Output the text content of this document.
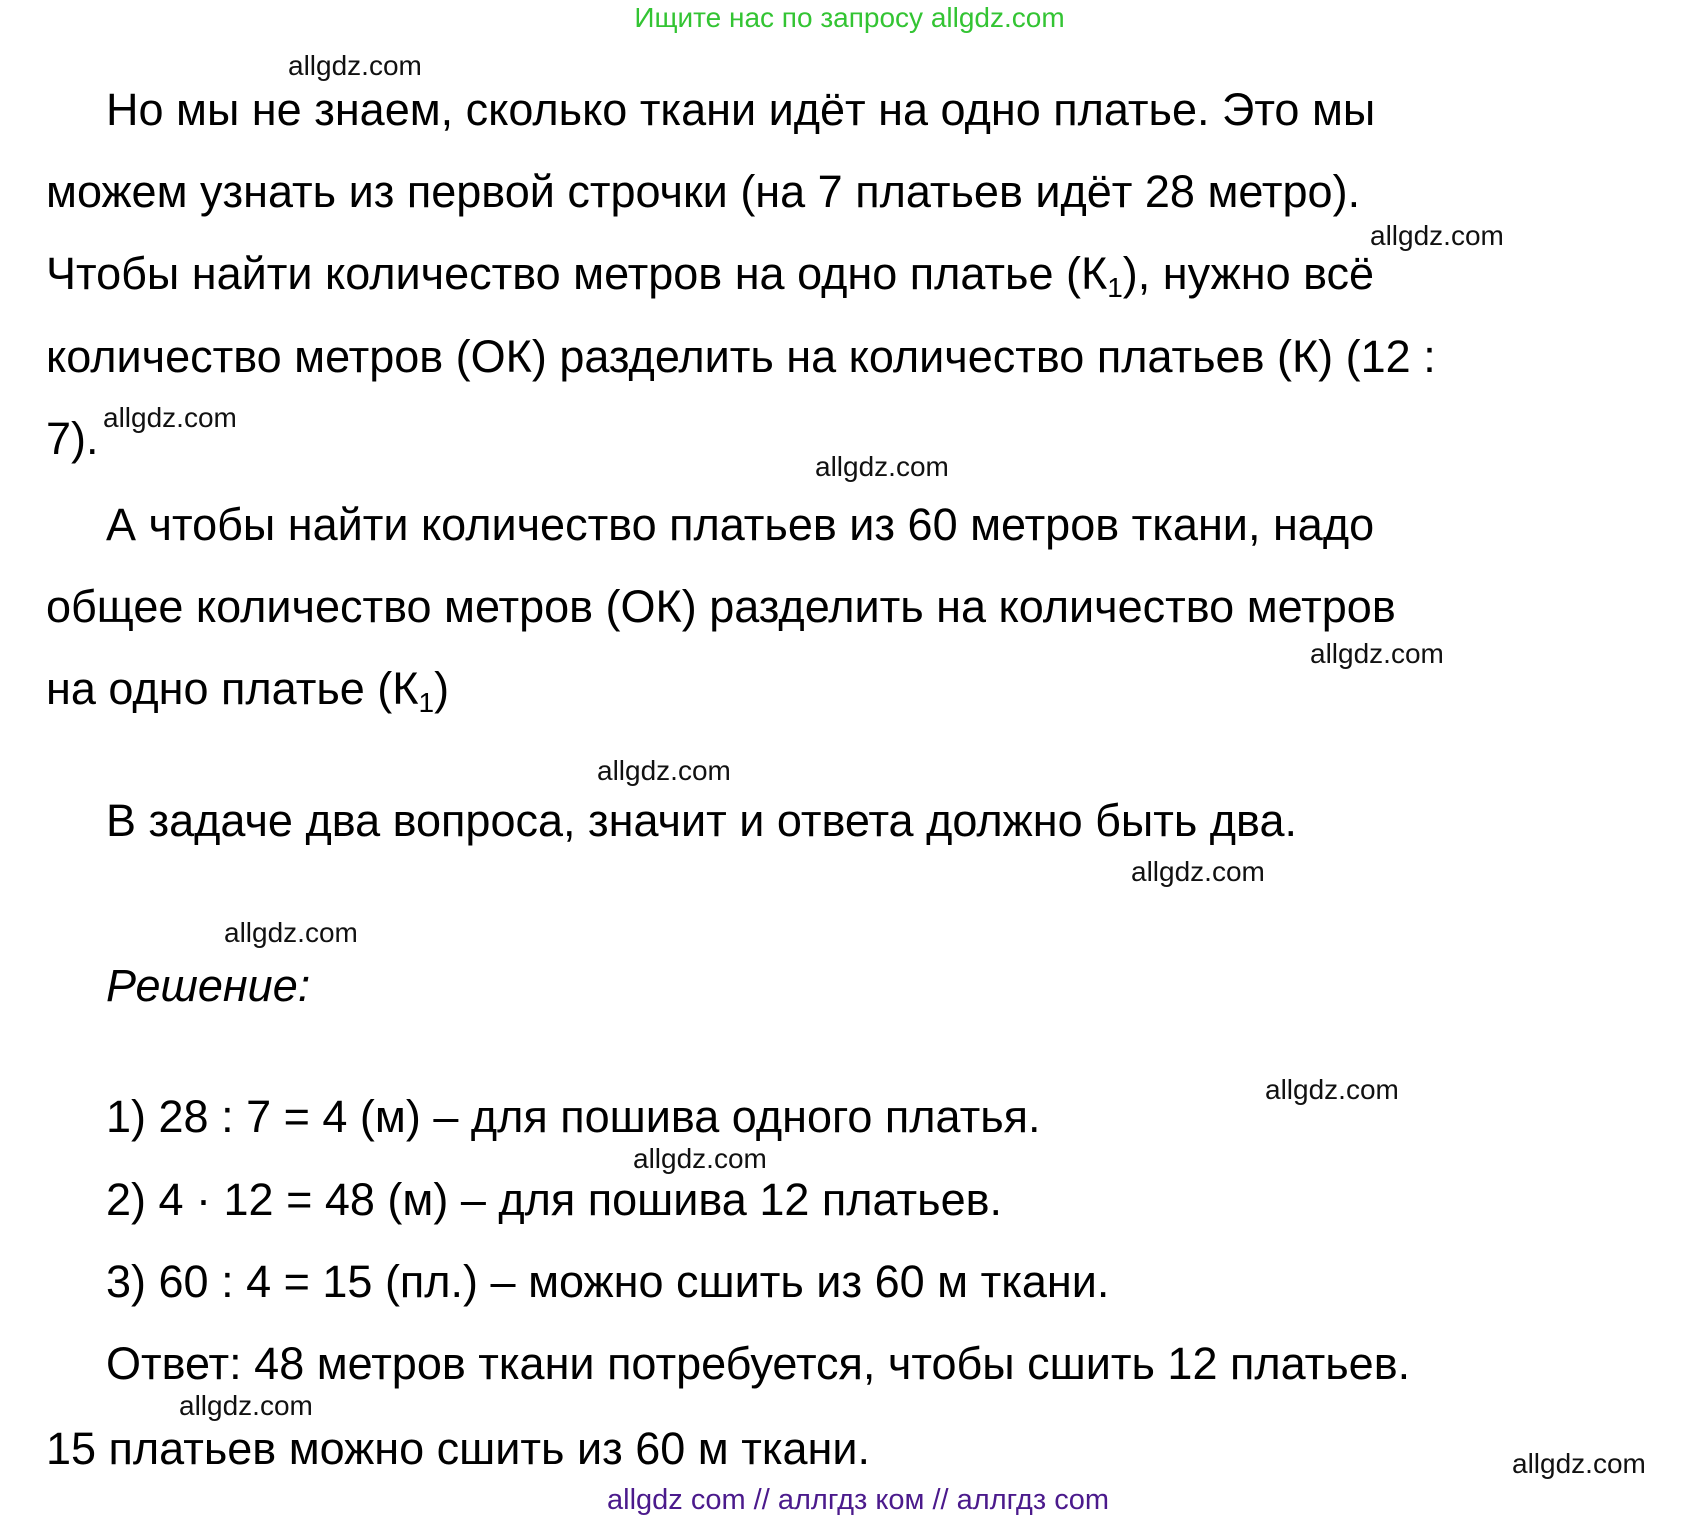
Ищите нас по запросу allgdz.com
Но мы не знаем, сколько ткани идёт на одно платье. Это мы
можем узнать из первой строчки (на 7 платьев идёт 28 метро).
Чтобы найти количество метров на одно платье $(К_1)$, нужно всё
количество метров (ОК) разделить на количество платьев (К) (12 :
7).
А чтобы найти количество платьев из 60 метров ткани, надо
общее количество метров (ОК) разделить на количество метров
на одно платье $(К_1)$
В задаче два вопроса, значит и ответа должно быть два.
Решение:
1) 28 : 7 = 4 (м) – для пошива одного платья.
2) 4 · 12 = 48 (м) – для пошива 12 платьев.
3) 60 : 4 = 15 (пл.) – можно сшить из 60 м ткани.
Ответ: 48 метров ткани потребуется, чтобы сшить 12 платьев.
15 платьев можно сшить из 60 м ткани.
allgdz.com
allgdz.com
allgdz.com
allgdz.com
allgdz.com
allgdz.com
allgdz.com
allgdz.com
allgdz.com
allgdz.com
allgdz.com
allgdz.com
allgdz com // аллгдз ком // аллгдз com
